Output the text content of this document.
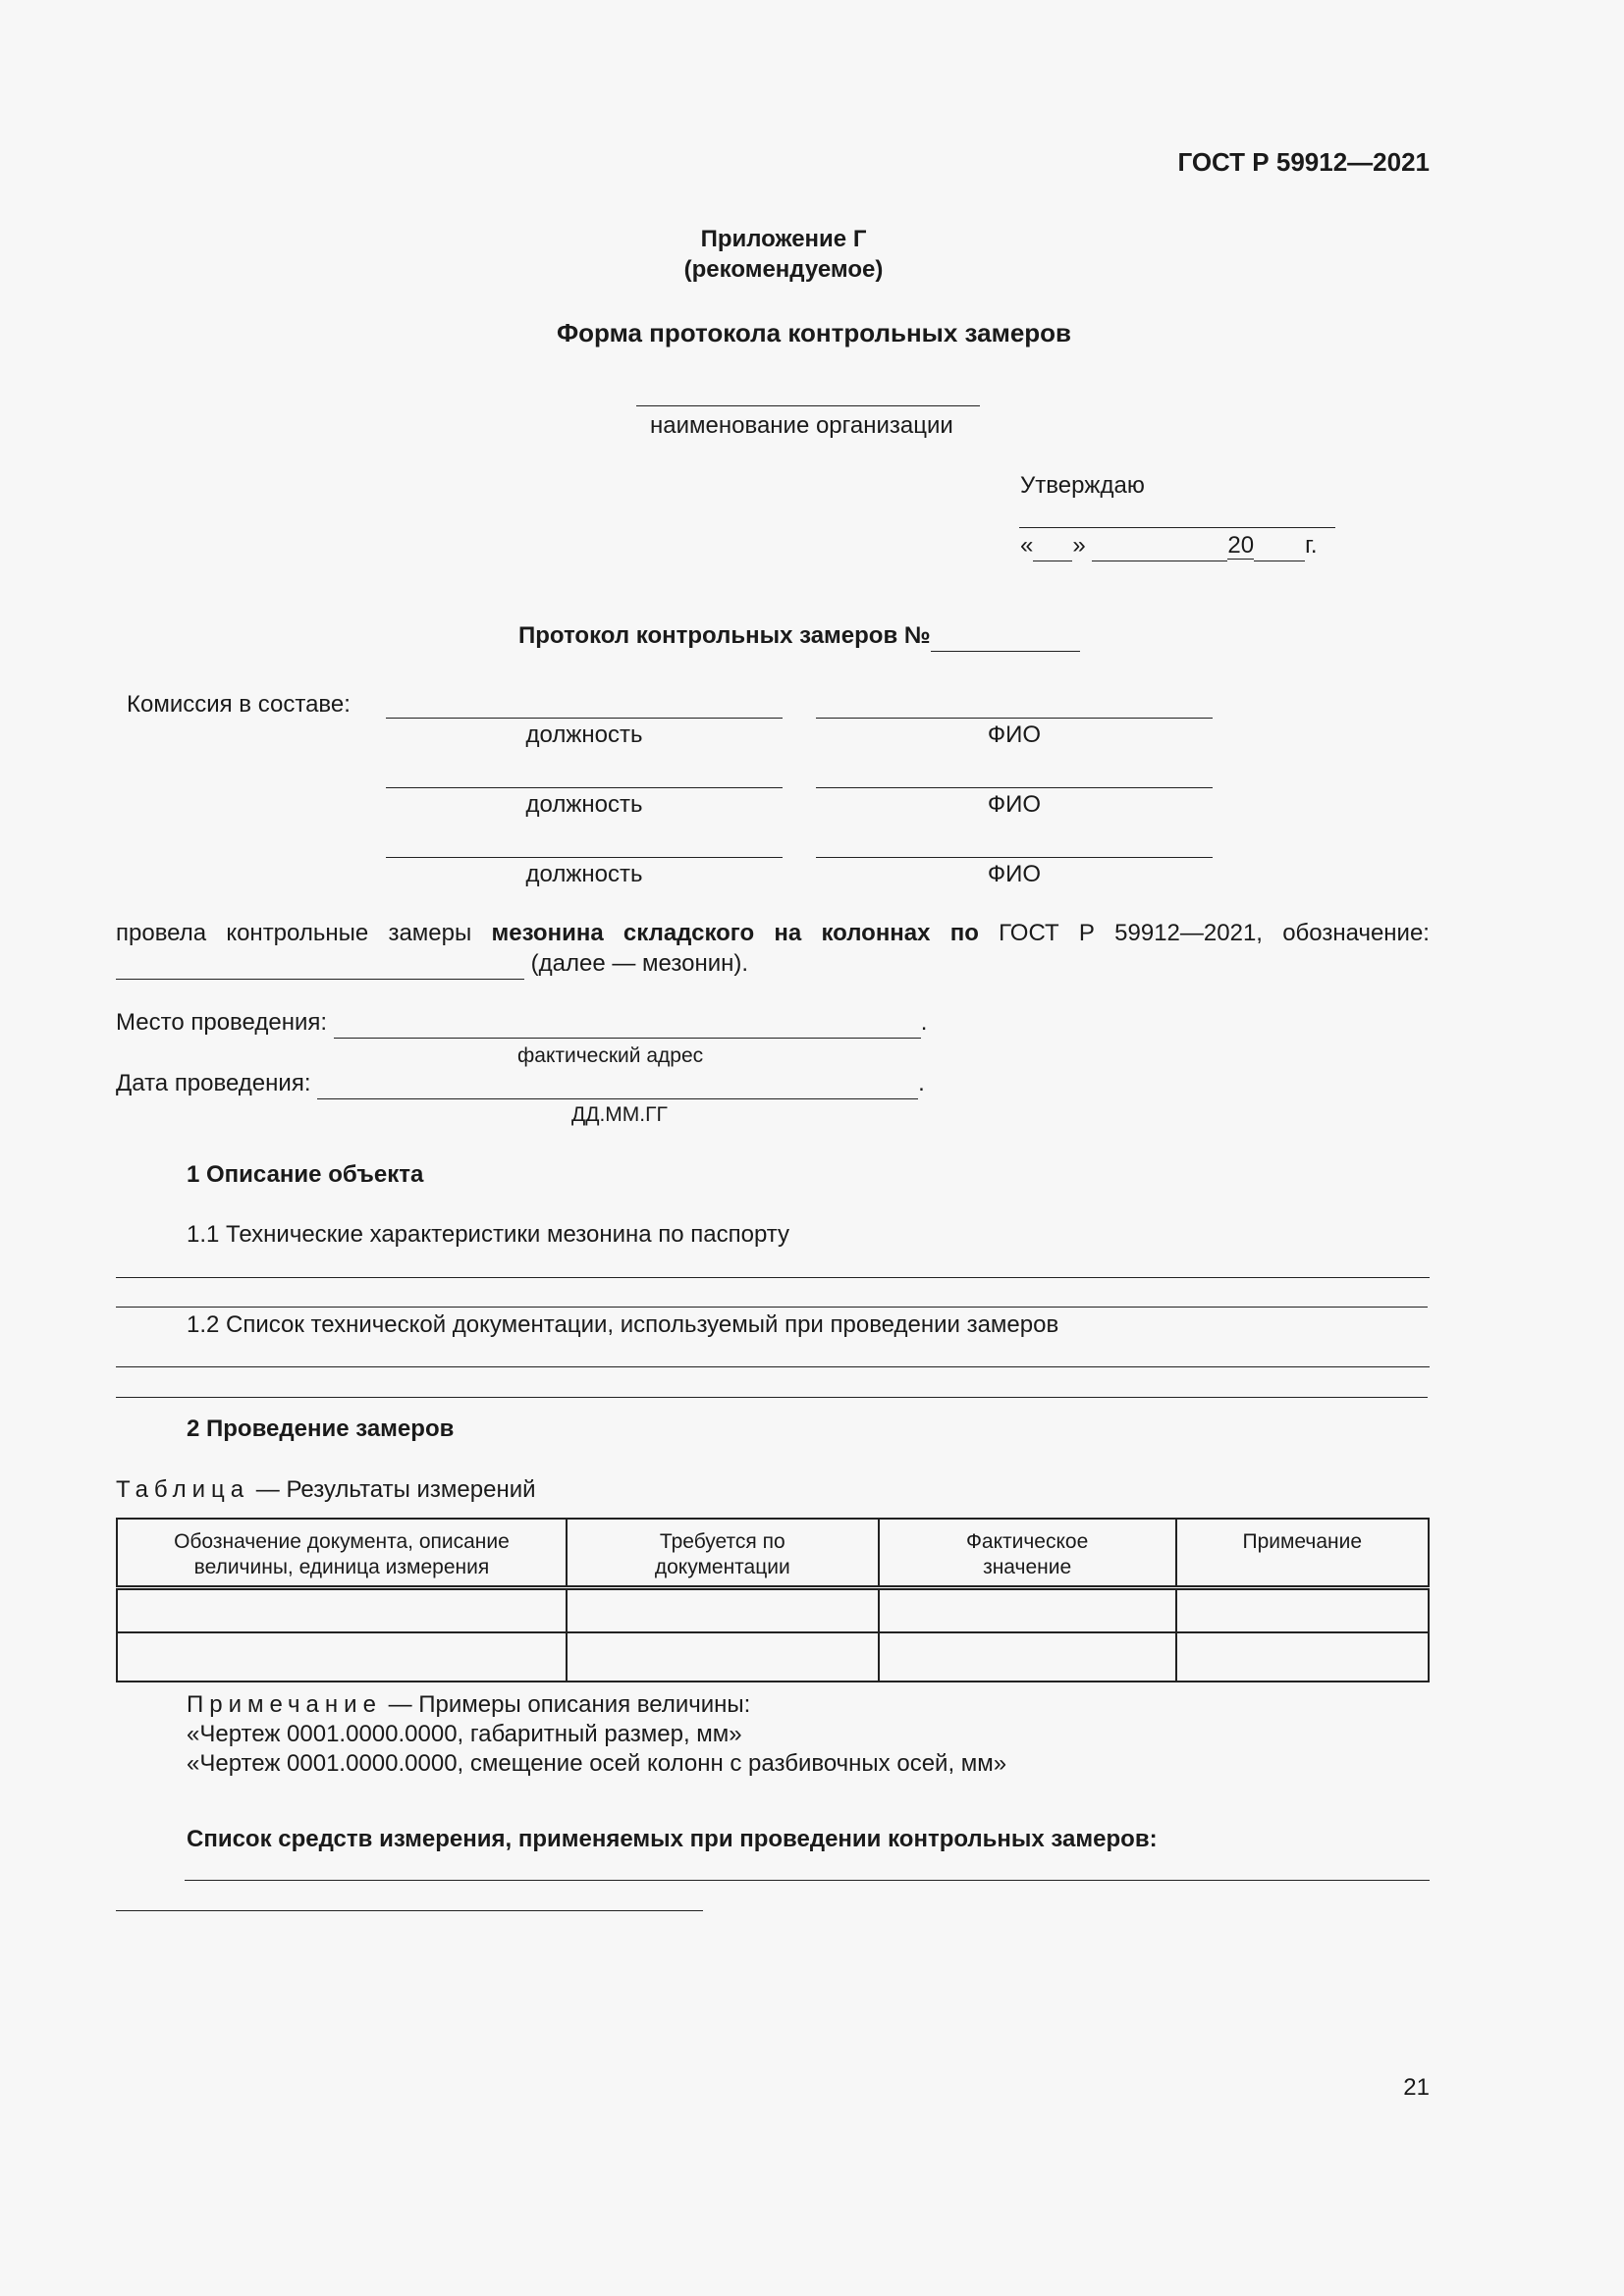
ГОСТ Р 59912—2021
Приложение Г
(рекомендуемое)
Форма протокола контрольных замеров
наименование организации
Утверждаю
« »	20 г.
Протокол контрольных замеров №
Комиссия в составе:
должность	ФИО
должность	ФИО
должность	ФИО
провела контрольные замеры мезонина складского на колоннах по ГОСТ Р 59912—2021, обозначение:
(далее — мезонин).
Место проведения:	.
фактический адрес
Дата проведения:	.
ДД.ММ.ГГ
1 Описание объекта
1.1 Технические характеристики мезонина по паспорту
1.2 Список технической документации, используемый при проведении замеров
2 Проведение замеров
Таблица — Результаты измерений
Обозначение документа, описание величины, единица измерения	Требуется по документации	Фактическое значение	Примечание

Примечание — Примеры описания величины:
«Чертеж 0001.0000.0000, габаритный размер, мм»
«Чертеж 0001.0000.0000, смещение осей колонн с разбивочных осей, мм»
Список средств измерения, применяемых при проведении контрольных замеров:
21
